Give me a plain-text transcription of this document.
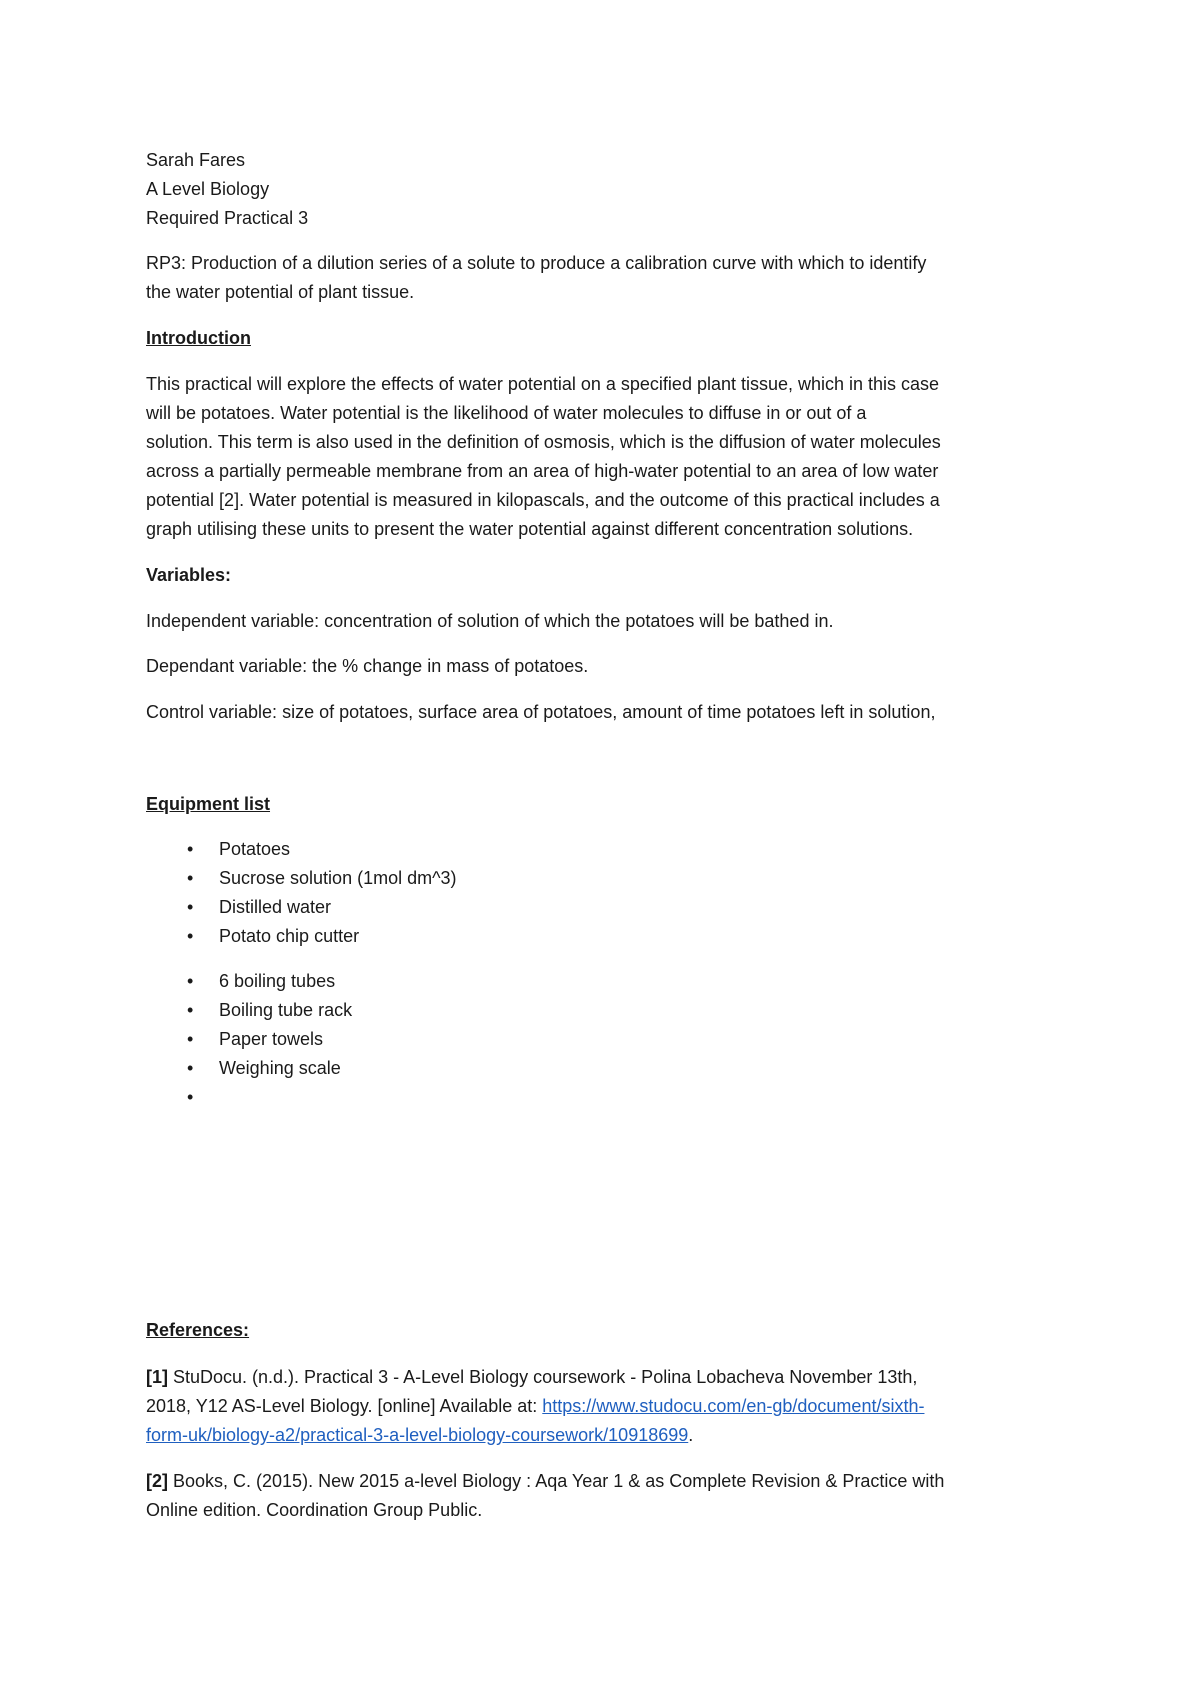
Sarah Fares
A Level Biology
Required Practical 3
RP3: Production of a dilution series of a solute to produce a calibration curve with which to identify
the water potential of plant tissue.
Introduction
This practical will explore the effects of water potential on a specified plant tissue, which in this case
will be potatoes. Water potential is the likelihood of water molecules to diffuse in or out of a
solution. This term is also used in the definition of osmosis, which is the diffusion of water molecules
across a partially permeable membrane from an area of high-water potential to an area of low water
potential [2]. Water potential is measured in kilopascals, and the outcome of this practical includes a
graph utilising these units to present the water potential against different concentration solutions.
Variables:
Independent variable: concentration of solution of which the potatoes will be bathed in.
Dependant variable: the % change in mass of potatoes.
Control variable: size of potatoes, surface area of potatoes, amount of time potatoes left in solution,
Equipment list
• Potatoes
• Sucrose solution (1mol dm^3)
• Distilled water
• Potato chip cutter
• 6 boiling tubes
• Boiling tube rack
• Paper towels
• Weighing scale
•
References:
[1] StuDocu. (n.d.). Practical 3 - A-Level Biology coursework - Polina Lobacheva November 13th,
2018, Y12 AS-Level Biology. [online] Available at: https://www.studocu.com/en-gb/document/sixth-
form-uk/biology-a2/practical-3-a-level-biology-coursework/10918699.
[2] Books, C. (2015). New 2015 a-level Biology : Aqa Year 1 & as Complete Revision & Practice with
Online edition. Coordination Group Public.
